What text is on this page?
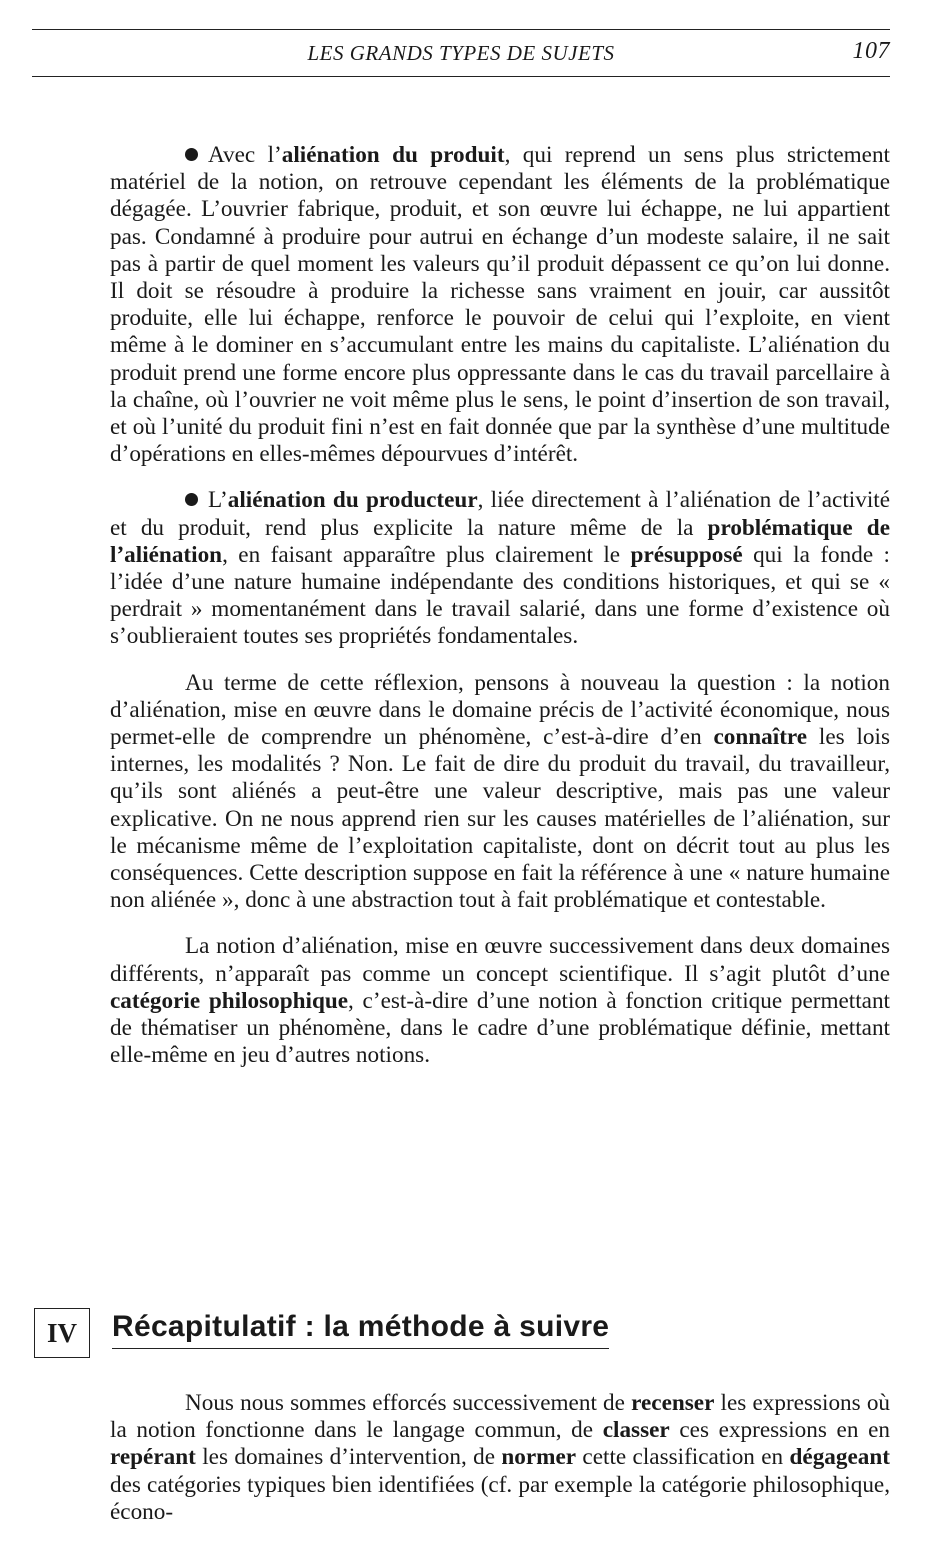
LES GRANDS TYPES DE SUJETS	107

Avec l’aliénation du produit, qui reprend un sens plus strictement matériel de la notion, on retrouve cependant les éléments de la problématique dégagée. L’ouvrier fabrique, produit, et son œuvre lui échappe, ne lui appartient pas. Condamné à produire pour autrui en échange d’un modeste salaire, il ne sait pas à partir de quel moment les valeurs qu’il produit dépassent ce qu’on lui donne. Il doit se résoudre à produire la richesse sans vraiment en jouir, car aussitôt produite, elle lui échappe, renforce le pouvoir de celui qui l’exploite, en vient même à le dominer en s’accumulant entre les mains du capitaliste. L’aliénation du produit prend une forme encore plus oppressante dans le cas du travail parcellaire à la chaîne, où l’ouvrier ne voit même plus le sens, le point d’insertion de son travail, et où l’unité du produit fini n’est en fait donnée que par la synthèse d’une multitude d’opérations en elles-mêmes dépourvues d’intérêt.

L’aliénation du producteur, liée directement à l’aliénation de l’activité et du produit, rend plus explicite la nature même de la problématique de l’aliénation, en faisant apparaître plus clairement le présupposé qui la fonde : l’idée d’une nature humaine indépendante des conditions historiques, et qui se « perdrait » momentanément dans le travail salarié, dans une forme d’existence où s’oublieraient toutes ses propriétés fondamentales.

Au terme de cette réflexion, pensons à nouveau la question : la notion d’aliénation, mise en œuvre dans le domaine précis de l’activité économique, nous permet-elle de comprendre un phénomène, c’est-à-dire d’en connaître les lois internes, les modalités ? Non. Le fait de dire du produit du travail, du travailleur, qu’ils sont aliénés a peut-être une valeur descriptive, mais pas une valeur explicative. On ne nous apprend rien sur les causes matérielles de l’aliénation, sur le mécanisme même de l’exploitation capitaliste, dont on décrit tout au plus les conséquences. Cette description suppose en fait la référence à une « nature humaine non aliénée », donc à une abstraction tout à fait problématique et contestable.

La notion d’aliénation, mise en œuvre successivement dans deux domaines différents, n’apparaît pas comme un concept scientifique. Il s’agit plutôt d’une catégorie philosophique, c’est-à-dire d’une notion à fonction critique permettant de thématiser un phénomène, dans le cadre d’une problématique définie, mettant elle-même en jeu d’autres notions.

IV	Récapitulatif : la méthode à suivre

Nous nous sommes efforcés successivement de recenser les expressions où la notion fonctionne dans le langage commun, de classer ces expressions en en repérant les domaines d’intervention, de normer cette classification en dégageant des catégories typiques bien identifiées (cf. par exemple la catégorie philosophique, écono-
